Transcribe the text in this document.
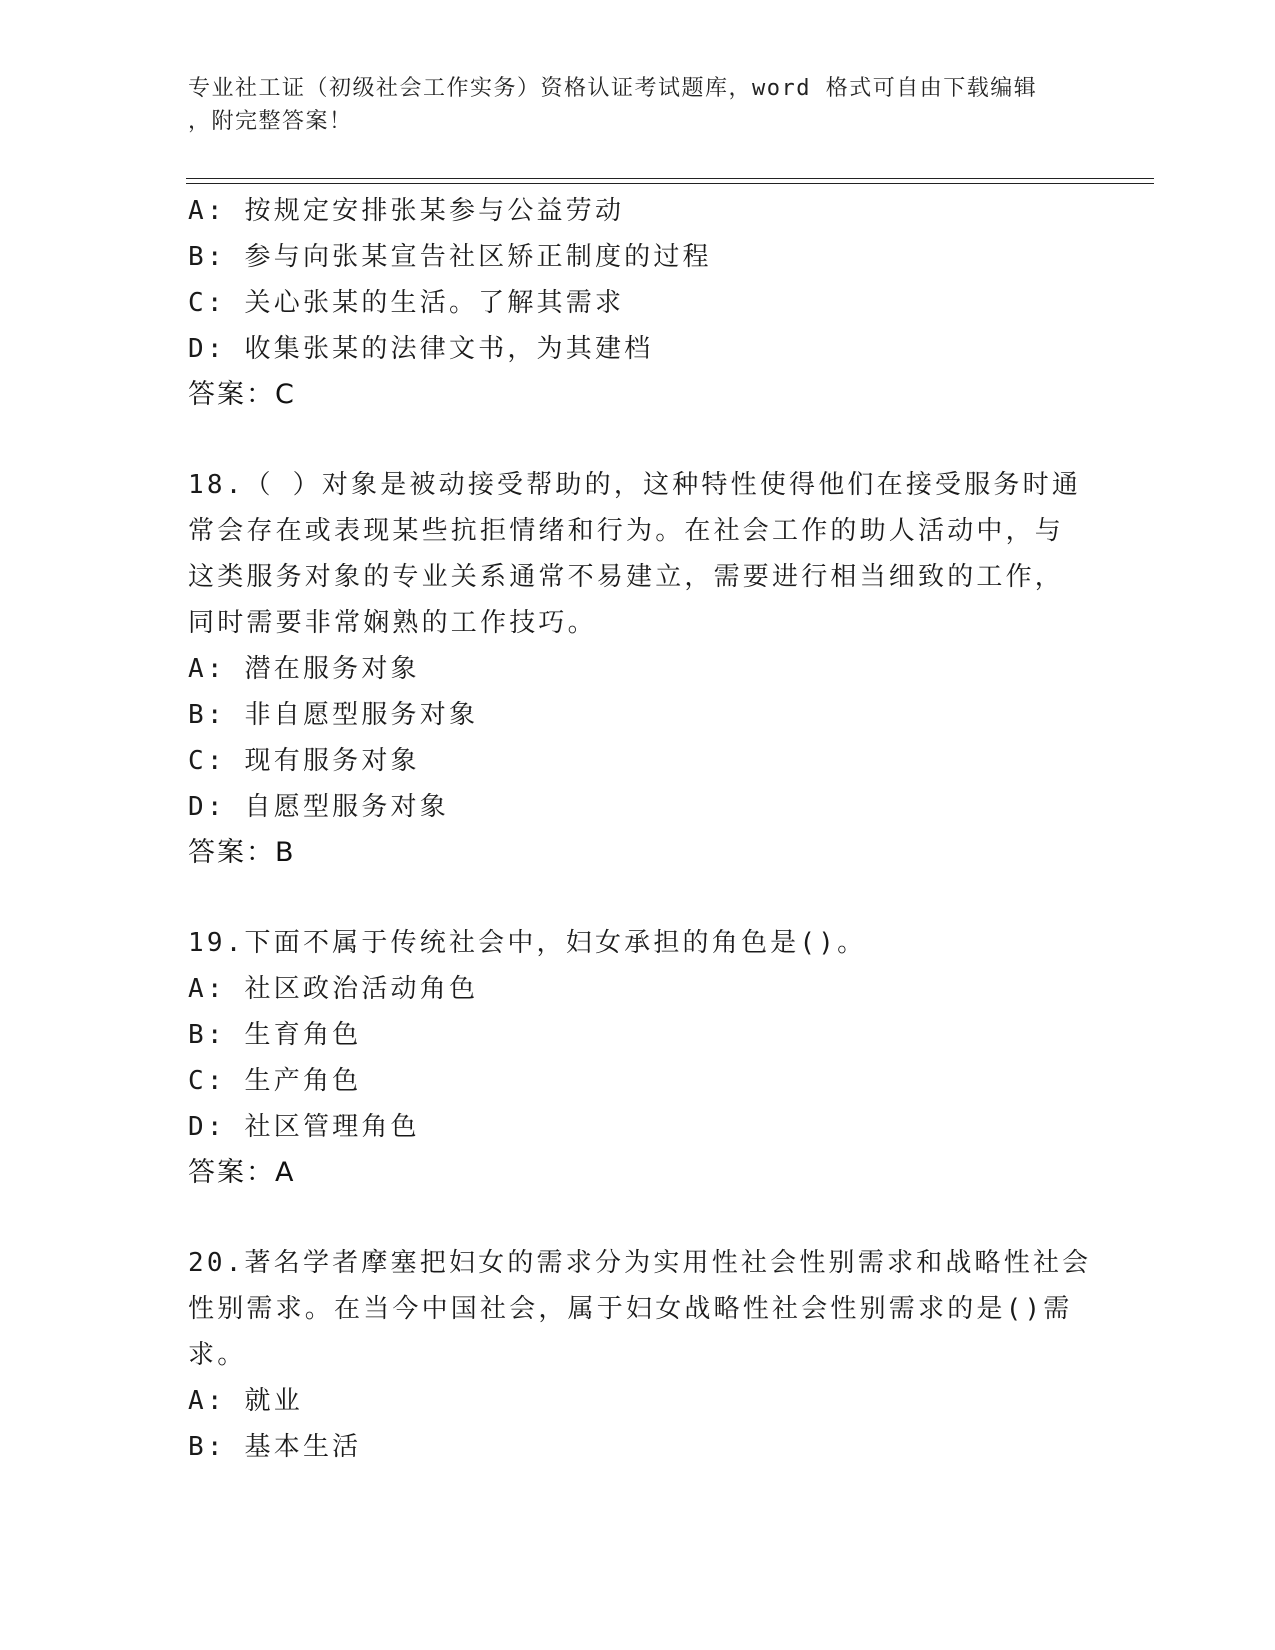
专业社工证（初级社会工作实务）资格认证考试题库，word 格式可自由下载编辑
，附完整答案！
A: 按规定安排张某参与公益劳动
B: 参与向张某宣告社区矫正制度的过程
C: 关心张某的生活。了解其需求
D: 收集张某的法律文书，为其建档
答案：C
18.（ ）对象是被动接受帮助的，这种特性使得他们在接受服务时通
常会存在或表现某些抗拒情绪和行为。在社会工作的助人活动中，与
这类服务对象的专业关系通常不易建立，需要进行相当细致的工作，
同时需要非常娴熟的工作技巧。
A: 潜在服务对象
B: 非自愿型服务对象
C: 现有服务对象
D: 自愿型服务对象
答案：B
19.下面不属于传统社会中，妇女承担的角色是()。
A: 社区政治活动角色
B: 生育角色
C: 生产角色
D: 社区管理角色
答案：A
20.著名学者摩塞把妇女的需求分为实用性社会性别需求和战略性社会
性别需求。在当今中国社会，属于妇女战略性社会性别需求的是()需
求。
A: 就业
B: 基本生活
